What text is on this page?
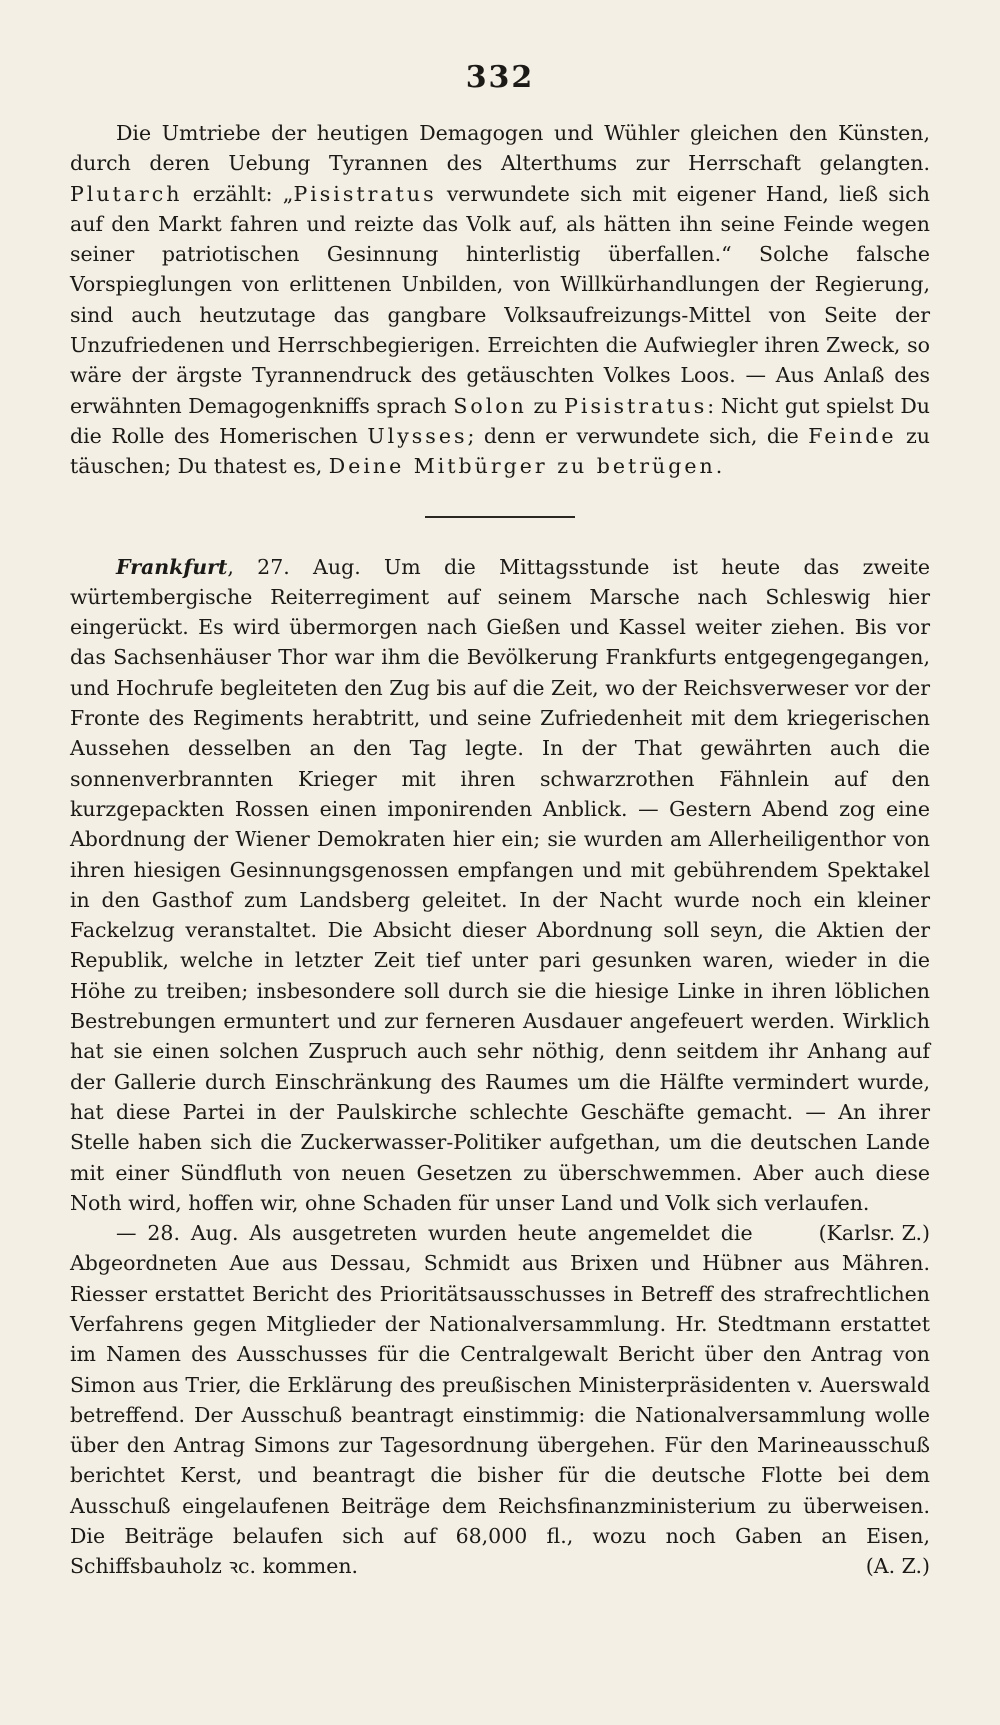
332

Die Umtriebe der heutigen Demagogen und Wühler gleichen den Künsten, durch deren Uebung Tyrannen des Alterthums zur Herrschaft gelangten. Plutarch erzählt: „Pisistratus verwundete sich mit eigener Hand, ließ sich auf den Markt fahren und reizte das Volk auf, als hätten ihn seine Feinde wegen seiner patriotischen Gesinnung hinterlistig überfallen.“ Solche falsche Vorspieglungen von erlittenen Unbilden, von Willkürhandlungen der Regierung, sind auch heutzutage das gangbare Volksaufreizungs-Mittel von Seite der Unzufriedenen und Herrschbegierigen. Erreichten die Aufwiegler ihren Zweck, so wäre der ärgste Tyrannendruck des getäuschten Volkes Loos. — Aus Anlaß des erwähnten Demagogenkniffs sprach Solon zu Pisistratus: Nicht gut spielst Du die Rolle des Homerischen Ulysses; denn er verwundete sich, die Feinde zu täuschen; Du thatest es, Deine Mitbürger zu betrügen.

Frankfurt, 27. Aug. Um die Mittagsstunde ist heute das zweite würtembergische Reiterregiment auf seinem Marsche nach Schleswig hier eingerückt. Es wird übermorgen nach Gießen und Kassel weiter ziehen. Bis vor das Sachsenhäuser Thor war ihm die Bevölkerung Frankfurts entgegengegangen, und Hochrufe begleiteten den Zug bis auf die Zeit, wo der Reichsverweser vor der Fronte des Regiments herabtritt, und seine Zufriedenheit mit dem kriegerischen Aussehen desselben an den Tag legte. In der That gewährten auch die sonnenverbrannten Krieger mit ihren schwarzrothen Fähnlein auf den kurzgepackten Rossen einen imponirenden Anblick. — Gestern Abend zog eine Abordnung der Wiener Demokraten hier ein; sie wurden am Allerheiligenthor von ihren hiesigen Gesinnungsgenossen empfangen und mit gebührendem Spektakel in den Gasthof zum Landsberg geleitet. In der Nacht wurde noch ein kleiner Fackelzug veranstaltet. Die Absicht dieser Abordnung soll seyn, die Aktien der Republik, welche in letzter Zeit tief unter pari gesunken waren, wieder in die Höhe zu treiben; insbesondere soll durch sie die hiesige Linke in ihren löblichen Bestrebungen ermuntert und zur ferneren Ausdauer angefeuert werden. Wirklich hat sie einen solchen Zuspruch auch sehr nöthig, denn seitdem ihr Anhang auf der Gallerie durch Einschränkung des Raumes um die Hälfte vermindert wurde, hat diese Partei in der Paulskirche schlechte Geschäfte gemacht. — An ihrer Stelle haben sich die Zuckerwasser-Politiker aufgethan, um die deutschen Lande mit einer Sündfluth von neuen Gesetzen zu überschwemmen. Aber auch diese Noth wird, hoffen wir, ohne Schaden für unser Land und Volk sich verlaufen.
(Karlsr. Z.)

— 28. Aug. Als ausgetreten wurden heute angemeldet die Abgeordneten Aue aus Dessau, Schmidt aus Brixen und Hübner aus Mähren. Riesser erstattet Bericht des Prioritätsausschusses in Betreff des strafrechtlichen Verfahrens gegen Mitglieder der Nationalversammlung. Hr. Stedtmann erstattet im Namen des Ausschusses für die Centralgewalt Bericht über den Antrag von Simon aus Trier, die Erklärung des preußischen Ministerpräsidenten v. Auerswald betreffend. Der Ausschuß beantragt einstimmig: die Nationalversammlung wolle über den Antrag Simons zur Tagesordnung übergehen. Für den Marineausschuß berichtet Kerst, und beantragt die bisher für die deutsche Flotte bei dem Ausschuß eingelaufenen Beiträge dem Reichsfinanzministerium zu überweisen. Die Beiträge belaufen sich auf 68,000 fl., wozu noch Gaben an Eisen, Schiffsbauholz ꝛc. kommen.	(A. Z.)
